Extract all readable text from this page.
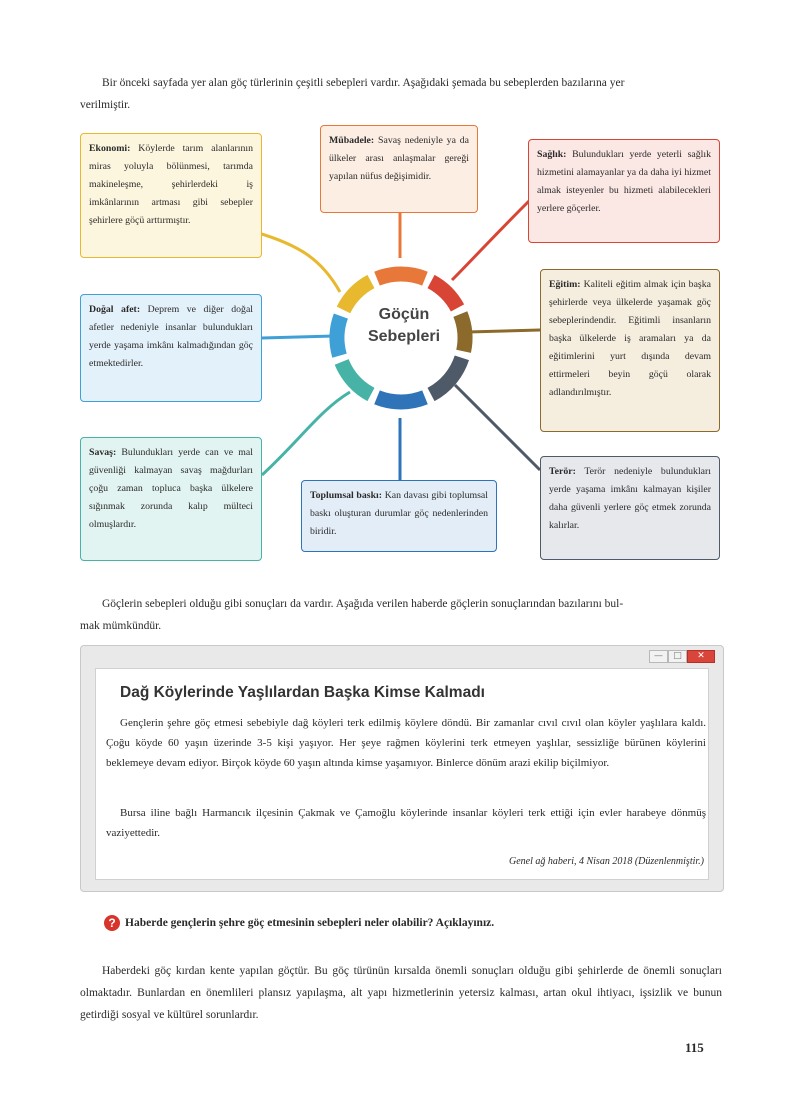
Bir önceki sayfada yer alan göç türlerinin çeşitli sebepleri vardır. Aşağıdaki şemada bu sebeplerden bazılarına yer
verilmiştir.
Göçün
Sebepleri
Ekonomi: Köylerde tarım alanlarının miras yoluyla bölünmesi, tarımda makineleşme, şehirlerdeki iş imkânlarının artması gibi sebepler şehirlere göçü arttırmıştır.
Mübadele: Savaş nedeniyle ya da ülkeler arası anlaşmalar gereği yapılan nüfus değişimidir.
Sağlık: Bulundukları yerde yeterli sağlık hizmetini alamayanlar ya da daha iyi hizmet almak isteyenler bu hizmeti alabilecekleri yerlere göçerler.
Doğal afet: Deprem ve diğer doğal afetler nedeniyle insanlar bulundukları yerde yaşama imkânı kalmadığından göç etmektedirler.
Eğitim: Kaliteli eğitim almak için başka şehirlerde veya ülkelerde yaşamak göç sebeplerindendir. Eğitimli insanların başka ülkelerde iş aramaları ya da eğitimlerini yurt dışında devam ettirmeleri beyin göçü olarak adlandırılmıştır.
Savaş: Bulundukları yerde can ve mal güvenliği kalmayan savaş mağdurları çoğu zaman topluca başka ülkelere sığınmak zorunda kalıp mülteci olmuşlardır.
Toplumsal baskı: Kan davası gibi toplumsal baskı oluşturan durumlar göç nedenlerinden biridir.
Terör: Terör nedeniyle bulundukları yerde yaşama imkânı kalmayan kişiler daha güvenli yerlere göç etmek zorunda kalırlar.
Göçlerin sebepleri olduğu gibi sonuçları da vardır. Aşağıda verilen haberde göçlerin sonuçlarından bazılarını bul-
mak mümkündür.
—	□	✕
Dağ Köylerinde Yaşlılardan Başka Kimse Kalmadı
Gençlerin şehre göç etmesi sebebiyle dağ köyleri terk edilmiş köylere döndü. Bir zamanlar cıvıl cıvıl olan köyler yaşlılara kaldı. Çoğu köyde 60 yaşın üzerinde 3-5 kişi yaşıyor. Her şeye rağmen köylerini terk etmeyen yaşlılar, sessizliğe bürünen köylerini beklemeye devam ediyor. Birçok köyde 60 yaşın altında kimse yaşamıyor. Binlerce dönüm arazi ekilip biçilmiyor.
Bursa iline bağlı Harmancık ilçesinin Çakmak ve Çamoğlu köylerinde insanlar köyleri terk ettiği için evler harabeye dönmüş vaziyettedir.
Genel ağ haberi, 4 Nisan 2018 (Düzenlenmiştir.)
? Haberde gençlerin şehre göç etmesinin sebepleri neler olabilir? Açıklayınız.
Haberdeki göç kırdan kente yapılan göçtür. Bu göç türünün kırsalda önemli sonuçları olduğu gibi şehirlerde de önemli sonuçları olmaktadır. Bunlardan en önemlileri plansız yapılaşma, alt yapı hizmetlerinin yetersiz kalması, artan okul ihtiyacı, işsizlik ve bunun getirdiği sosyal ve kültürel sorunlardır.
115
